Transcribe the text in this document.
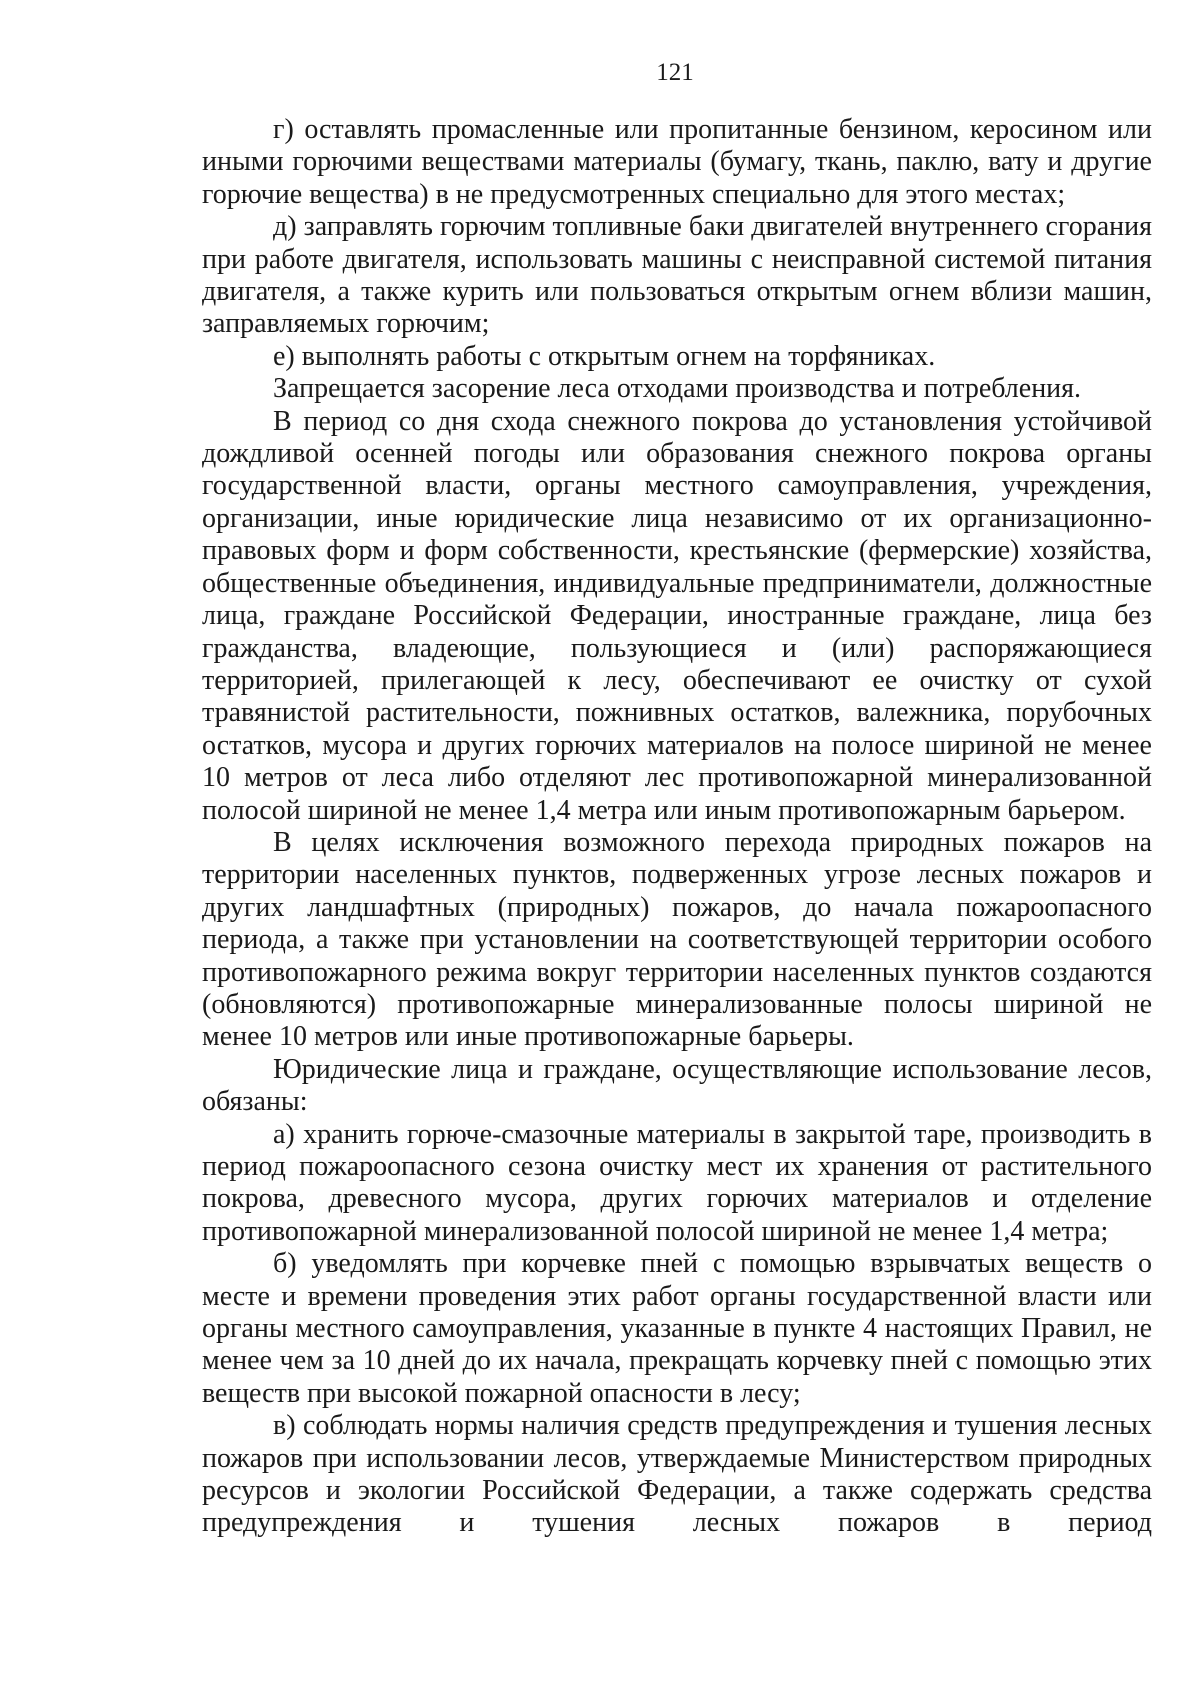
121

г) оставлять промасленные или пропитанные бензином, керосином или иными горючими веществами материалы (бумагу, ткань, паклю, вату и другие горючие вещества) в не предусмотренных специально для этого местах;

д) заправлять горючим топливные баки двигателей внутреннего сгорания при работе двигателя, использовать машины с неисправной системой питания двигателя, а также курить или пользоваться открытым огнем вблизи машин, заправляемых горючим;

е) выполнять работы с открытым огнем на торфяниках.

Запрещается засорение леса отходами производства и потребления.

В период со дня схода снежного покрова до установления устойчивой дождливой осенней погоды или образования снежного покрова органы государственной власти, органы местного самоуправления, учреждения, организации, иные юридические лица независимо от их организационно-правовых форм и форм собственности, крестьянские (фермерские) хозяйства, общественные объединения, индивидуальные предприниматели, должностные лица, граждане Российской Федерации, иностранные граждане, лица без гражданства, владеющие, пользующиеся и (или) распоряжающиеся территорией, прилегающей к лесу, обеспечивают ее очистку от сухой травянистой растительности, пожнивных остатков, валежника, порубочных остатков, мусора и других горючих материалов на полосе шириной не менее 10 метров от леса либо отделяют лес противопожарной минерализованной полосой шириной не менее 1,4 метра или иным противопожарным барьером.

В целях исключения возможного перехода природных пожаров на территории населенных пунктов, подверженных угрозе лесных пожаров и других ландшафтных (природных) пожаров, до начала пожароопасного периода, а также при установлении на соответствующей территории особого противопожарного режима вокруг территории населенных пунктов создаются (обновляются) противопожарные минерализованные полосы шириной не менее 10 метров или иные противопожарные барьеры.

Юридические лица и граждане, осуществляющие использование лесов, обязаны:

а) хранить горюче-смазочные материалы в закрытой таре, производить в период пожароопасного сезона очистку мест их хранения от растительного покрова, древесного мусора, других горючих материалов и отделение противопожарной минерализованной полосой шириной не менее 1,4 метра;

б) уведомлять при корчевке пней с помощью взрывчатых веществ о месте и времени проведения этих работ органы государственной власти или органы местного самоуправления, указанные в пункте 4 настоящих Правил, не менее чем за 10 дней до их начала, прекращать корчевку пней с помощью этих веществ при высокой пожарной опасности в лесу;

в) соблюдать нормы наличия средств предупреждения и тушения лесных пожаров при использовании лесов, утверждаемые Министерством природных ресурсов и экологии Российской Федерации, а также содержать средства предупреждения и тушения лесных пожаров в период
